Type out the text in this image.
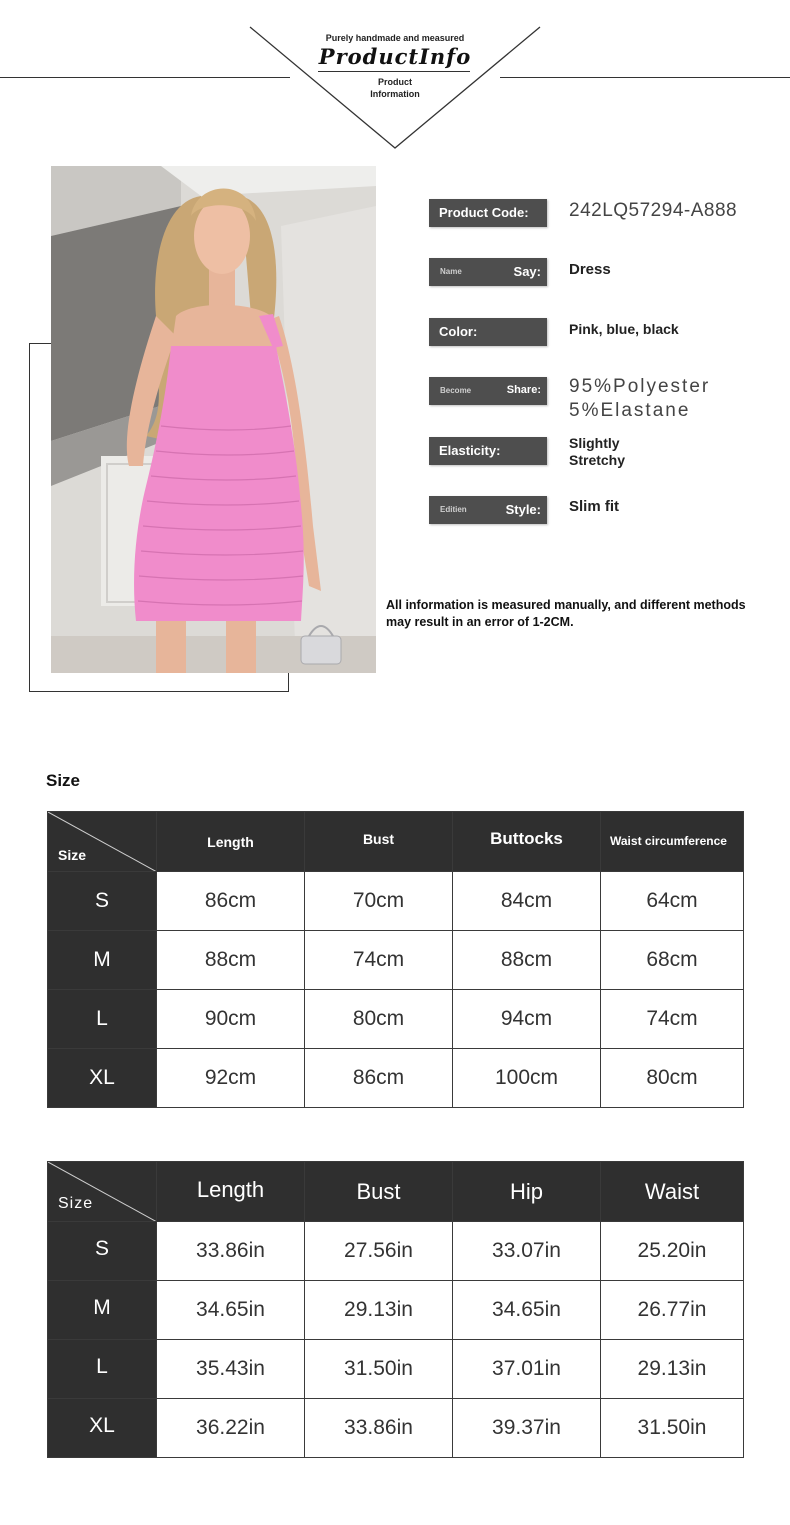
Purely handmade and measured
ProductInfo
Product
Information
Product Code: 242LQ57294-A888
Name	Say: Dress
Color:	Pink, blue, black
Become	Share: 95%Polyester
5%Elastane
Elasticity:	Slightly
Stretchy
Editien	Style: Slim fit
All information is measured manually, and different methods may result in an error of 1-2CM.
Size
Size	Length	Bust	Buttocks	Waist circumference
S	86cm	70cm	84cm	64cm
M	88cm	74cm	88cm	68cm
L	90cm	80cm	94cm	74cm
XL	92cm	86cm	100cm	80cm
Size	Length	Bust	Hip	Waist
S	33.86in	27.56in	33.07in	25.20in
M	34.65in	29.13in	34.65in	26.77in
L	35.43in	31.50in	37.01in	29.13in
XL	36.22in	33.86in	39.37in	31.50in
